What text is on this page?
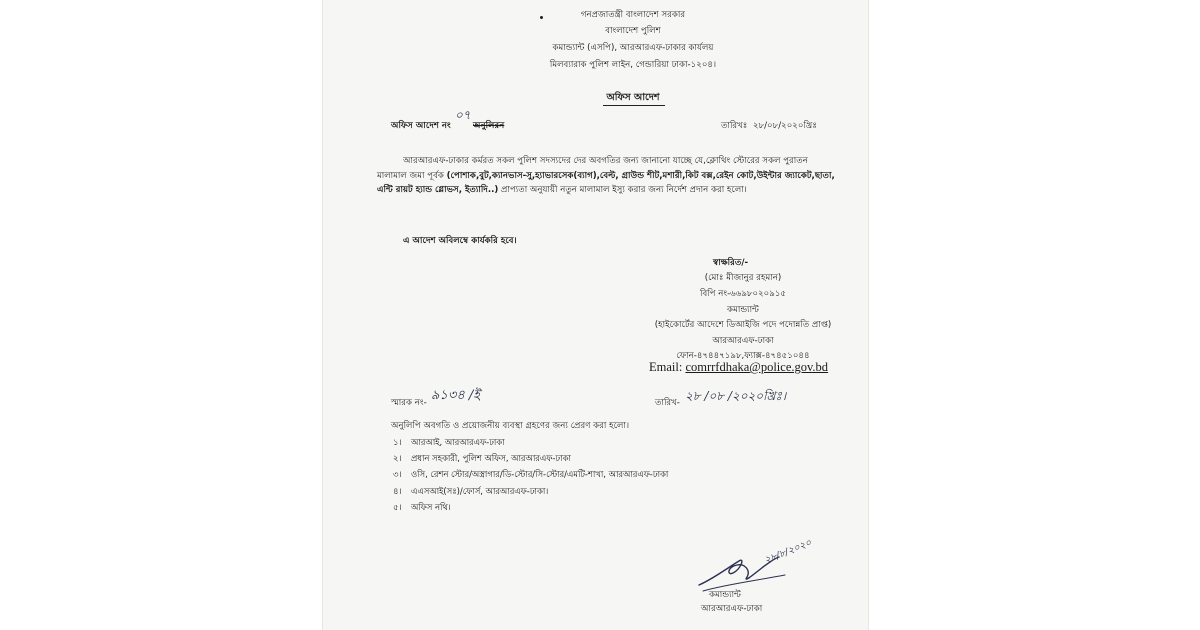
গনপ্রজাতন্ত্রী বাংলাদেশ সরকার
বাংলাদেশ পুলিশ
কমান্ড্যান্ট (এসপি), আরআরএফ-ঢাকার কার্যলয়
মিলব্যারাক পুলিশ লাইন, গেন্ডারিয়া ঢাকা-১২০৪।
অফিস আদেশ
অফিস আদেশ নং
০৭
অনুলিরন	তারিখঃ ২৮/০৮/২০২০খ্রিঃ
আরআরএফ-ঢাকার কর্মরত সকল পুলিশ সদস্যদের দের অবগতির জন্য জানানো যাচ্ছে যে,ক্লোথিং স্টোরের সকল পুরাতন মালামাল জমা পূর্বক (পোশাক,বুট,ক্যানভাস-সু,হ্যাভারসেক(ব্যাগ),বেল্ট, গ্রাউন্ড শীট,মশারী,কিট বক্স,রেইন কোট,উইন্টার জ্যাকেট,ছাতা, এন্টি রায়ট হ্যান্ড গ্লোভস, ইত্যাদি..) প্রাপ্যতা অনুযায়ী নতুন মালামাল ইস্যু করার জন্য নির্দেশ প্রদান করা হলো।
এ আদেশ অবিলম্বে কার্যকরি হবে।
স্বাক্ষরিত/-
(মোঃ মীজানুর রহমান)
বিপি নং-৬৬৯৮০২০৯১৫
কমান্ড্যান্ট
(হাইকোর্টের আদেশে ডিআইজি পদে পদোন্নতি প্রাপ্ত)
আরআরএফ-ঢাকা
ফোন-৪৭৪৪৭১৯৮,ফ্যাক্স-৪৭৪৫১০৪৪
Email: comrrfdhaka@police.gov.bd
স্মারক নং- ৯১৩৪ /ই	তারিখ- ২৮ /০৮ /২০২০খ্রিঃ।
অনুলিপি অবগতি ও প্রয়োজনীয় ব্যবস্থা গ্রহণের জন্য প্রেরণ করা হলো।
১। আরআই, আরআরএফ-ঢাকা
২। প্রধান সহকারী, পুলিশ অফিস, আরআরএফ-ঢাকা
৩। ওসি, রেশন স্টোর/অস্ত্রাগার/ডি-স্টোর/সি-স্টোর/এমটি-শাখা, আরআরএফ-ঢাকা
৪। এএসআই(সঃ)/ফোর্স, আরআরএফ-ঢাকা।
৫। অফিস নথি।
২৮/৮/২০২০
কমান্ড্যান্ট
আরআরএফ-ঢাকা
